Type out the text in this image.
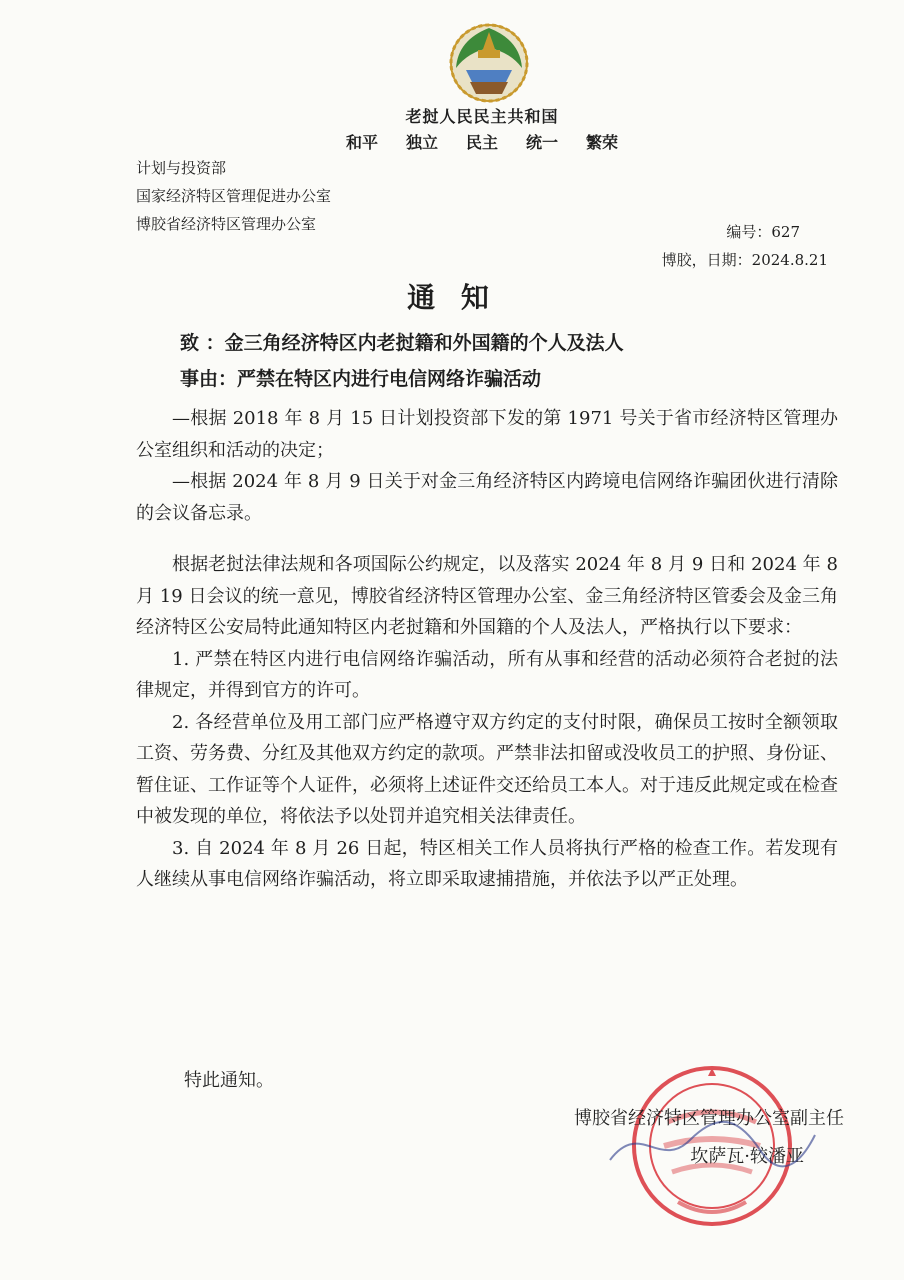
老挝人民民主共和国
和平 独立 民主 统一 繁荣
计划与投资部
国家经济特区管理促进办公室
博胶省经济特区管理办公室	编号：627
博胶，日期：2024.8.21
通 知
致 ：金三角经济特区内老挝籍和外国籍的个人及法人
事由：严禁在特区内进行电信网络诈骗活动

—根据 2018 年 8 月 15 日计划投资部下发的第 1971 号关于省市经济特区管理办公室组织和活动的决定；

—根据 2024 年 8 月 9 日关于对金三角经济特区内跨境电信网络诈骗团伙进行清除的会议备忘录。

根据老挝法律法规和各项国际公约规定，以及落实 2024 年 8 月 9 日和 2024 年 8 月 19 日会议的统一意见，博胶省经济特区管理办公室、金三角经济特区管委会及金三角经济特区公安局特此通知特区内老挝籍和外国籍的个人及法人，严格执行以下要求：

1. 严禁在特区内进行电信网络诈骗活动，所有从事和经营的活动必须符合老挝的法律规定，并得到官方的许可。

2. 各经营单位及用工部门应严格遵守双方约定的支付时限，确保员工按时全额领取工资、劳务费、分红及其他双方约定的款项。严禁非法扣留或没收员工的护照、身份证、暂住证、工作证等个人证件，必须将上述证件交还给员工本人。对于违反此规定或在检查中被发现的单位，将依法予以处罚并追究相关法律责任。

3. 自 2024 年 8 月 26 日起，特区相关工作人员将执行严格的检查工作。若发现有人继续从事电信网络诈骗活动，将立即采取逮捕措施，并依法予以严正处理。

特此通知。
博胶省经济特区管理办公室副主任
坎萨瓦·较潘亚
